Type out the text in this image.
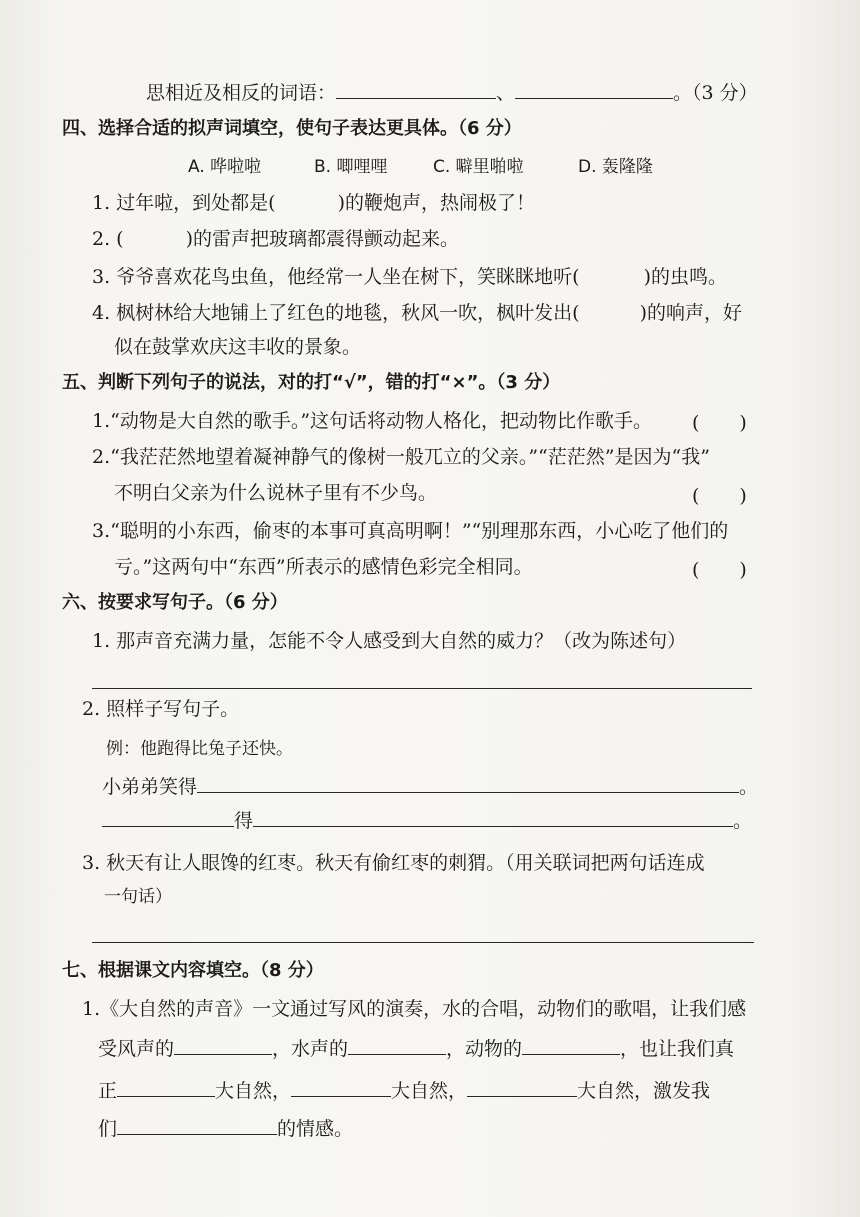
思相近及相反的词语：	、	。（3 分）
四、选择合适的拟声词填空，使句子表达更具体。（6 分）
A. 哗啦啦	B. 唧哩哩	C. 噼里啪啦	D. 轰隆隆
1. 过年啦，到处都是(	)的鞭炮声，热闹极了！
2. (	)的雷声把玻璃都震得颤动起来。
3. 爷爷喜欢花鸟虫鱼，他经常一人坐在树下，笑眯眯地听(	)的虫鸣。
4. 枫树林给大地铺上了红色的地毯，秋风一吹，枫叶发出(	)的响声，好
似在鼓掌欢庆这丰收的景象。
五、判断下列句子的说法，对的打“√”，错的打“×”。（3 分）
1.“动物是大自然的歌手。”这句话将动物人格化，把动物比作歌手。 ( )
2.“我茫茫然地望着凝神静气的像树一般兀立的父亲。”“茫茫然”是因为“我”
不明白父亲为什么说林子里有不少鸟。	( )
3.“聪明的小东西，偷枣的本事可真高明啊！”“别理那东西，小心吃了他们的
亏。”这两句中“东西”所表示的感情色彩完全相同。	( )
六、按要求写句子。（6 分）
1. 那声音充满力量，怎能不令人感受到大自然的威力？（改为陈述句）
2. 照样子写句子。
例：他跑得比兔子还快。
小弟弟笑得	。
得	。
3. 秋天有让人眼馋的红枣。秋天有偷红枣的刺猬。（用关联词把两句话连成
一句话）
七、根据课文内容填空。（8 分）
1.《大自然的声音》一文通过写风的演奏，水的合唱，动物们的歌唱，让我们感
受风声的	，水声的	，动物的	，也让我们真
正	大自然，	大自然，	大自然，激发我
们	的情感。
